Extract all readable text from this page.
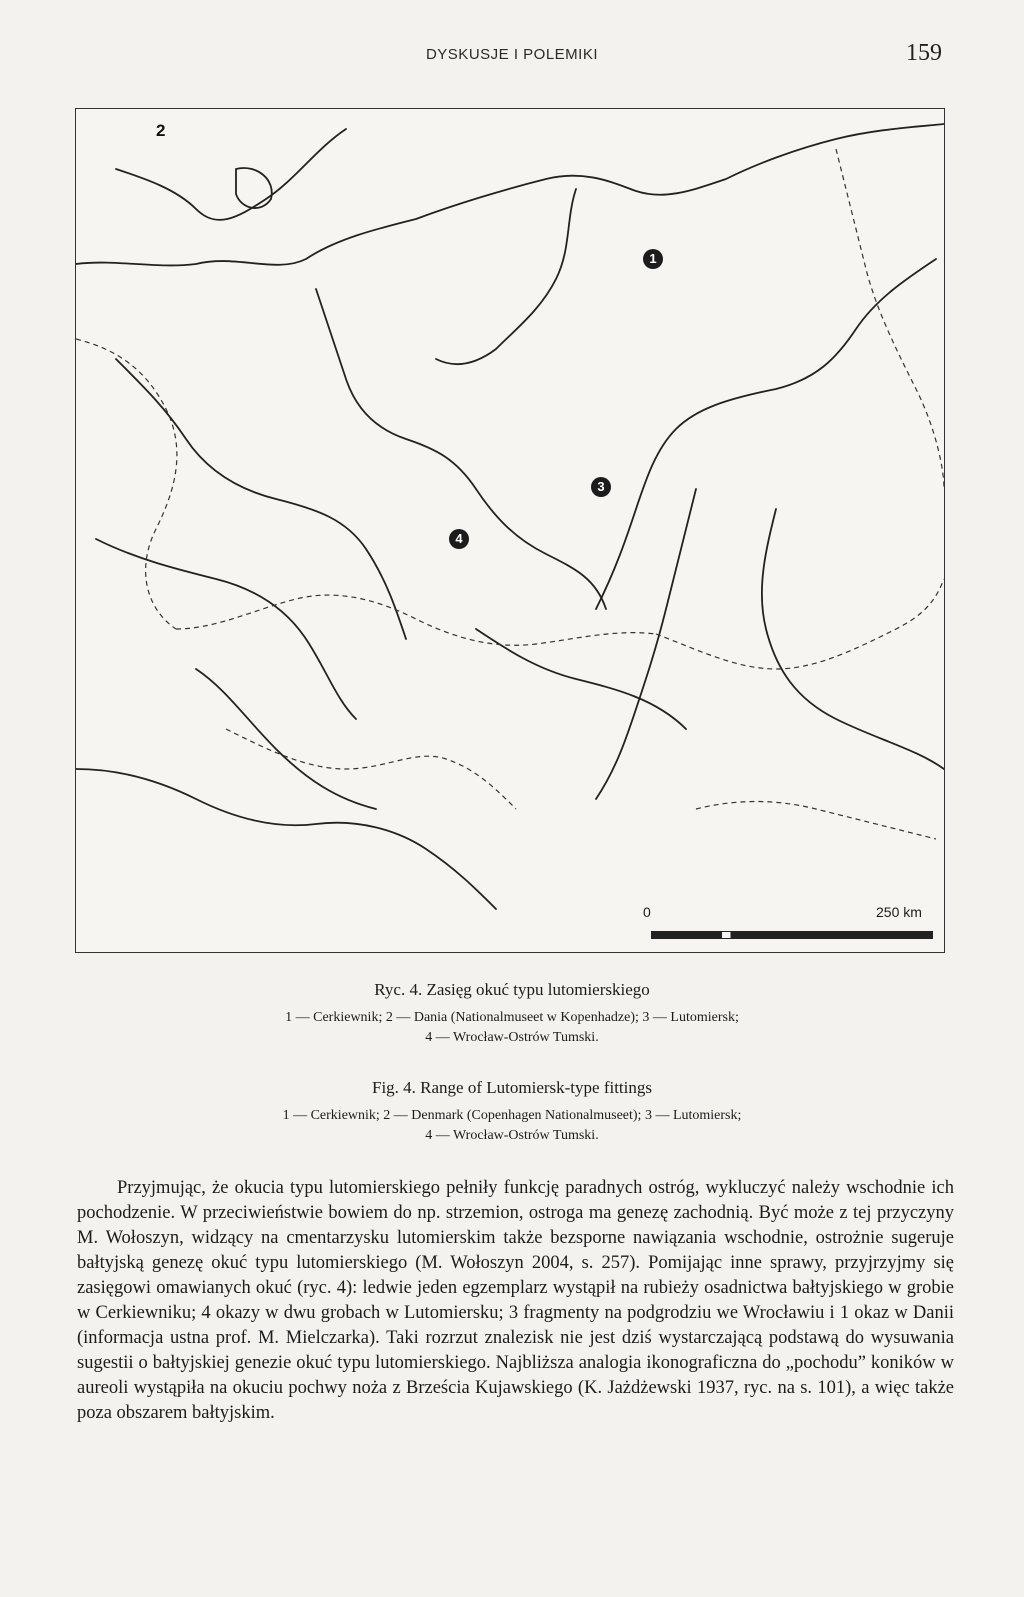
DYSKUSJE I POLEMIKI	159
2
1
3
4
0	250 km
Ryc. 4. Zasięg okuć typu lutomierskiego
1 — Cerkiewnik; 2 — Dania (Nationalmuseet w Kopenhadze); 3 — Lutomiersk;
4 — Wrocław-Ostrów Tumski.
Fig. 4. Range of Lutomiersk-type fittings
1 — Cerkiewnik; 2 — Denmark (Copenhagen Nationalmuseet); 3 — Lutomiersk;
4 — Wrocław-Ostrów Tumski.

Przyjmując, że okucia typu lutomierskiego pełniły funkcję paradnych ostróg, wykluczyć należy wschodnie ich pochodzenie. W przeciwieństwie bowiem do np. strzemion, ostroga ma genezę zachodnią. Być może z tej przyczyny M. Wołoszyn, widzący na cmentarzysku lutomierskim także bezsporne nawiązania wschodnie, ostrożnie sugeruje bałtyjską genezę okuć typu lutomierskiego (M. Wołoszyn 2004, s. 257). Pomijając inne sprawy, przyjrzyjmy się zasięgowi omawianych okuć (ryc. 4): ledwie jeden egzemplarz wystąpił na rubieży osadnictwa bałtyjskiego w grobie w Cerkiewniku; 4 okazy w dwu grobach w Lutomiersku; 3 fragmenty na podgrodziu we Wrocławiu i 1 okaz w Danii (informacja ustna prof. M. Mielczarka). Taki rozrzut znalezisk nie jest dziś wystarczającą podstawą do wysuwania sugestii o bałtyjskiej genezie okuć typu lutomierskiego. Najbliższa analogia ikonograficzna do „pochodu” koników w aureoli wystąpiła na okuciu pochwy noża z Brześcia Kujawskiego (K. Jażdżewski 1937, ryc. na s. 101), a więc także poza obszarem bałtyjskim.
